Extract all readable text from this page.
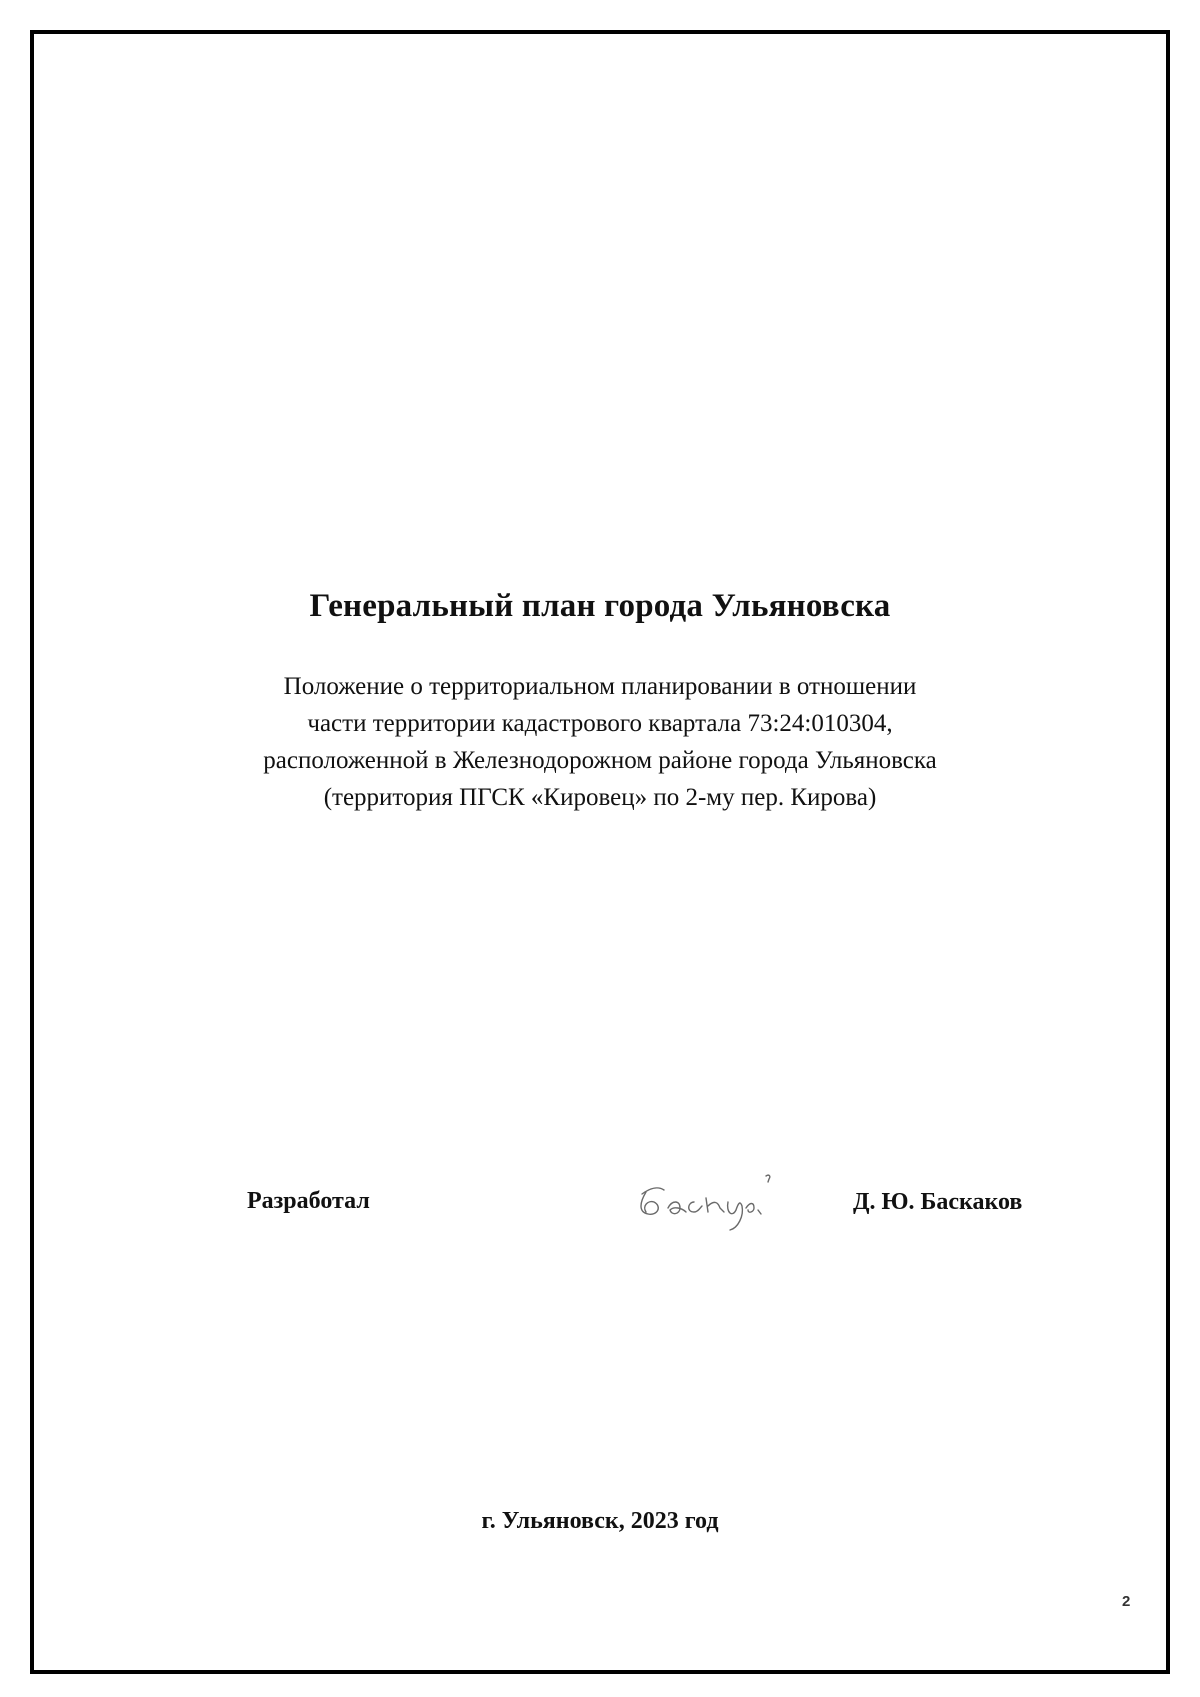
Генеральный план города Ульяновска
Положение о территориальном планировании в отношении
части территории кадастрового квартала 73:24:010304,
расположенной в Железнодорожном районе города Ульяновска
(территория ПГСК «Кировец» по 2-му пер. Кирова)
Разработал	Д. Ю. Баскаков
г. Ульяновск, 2023 год
2
